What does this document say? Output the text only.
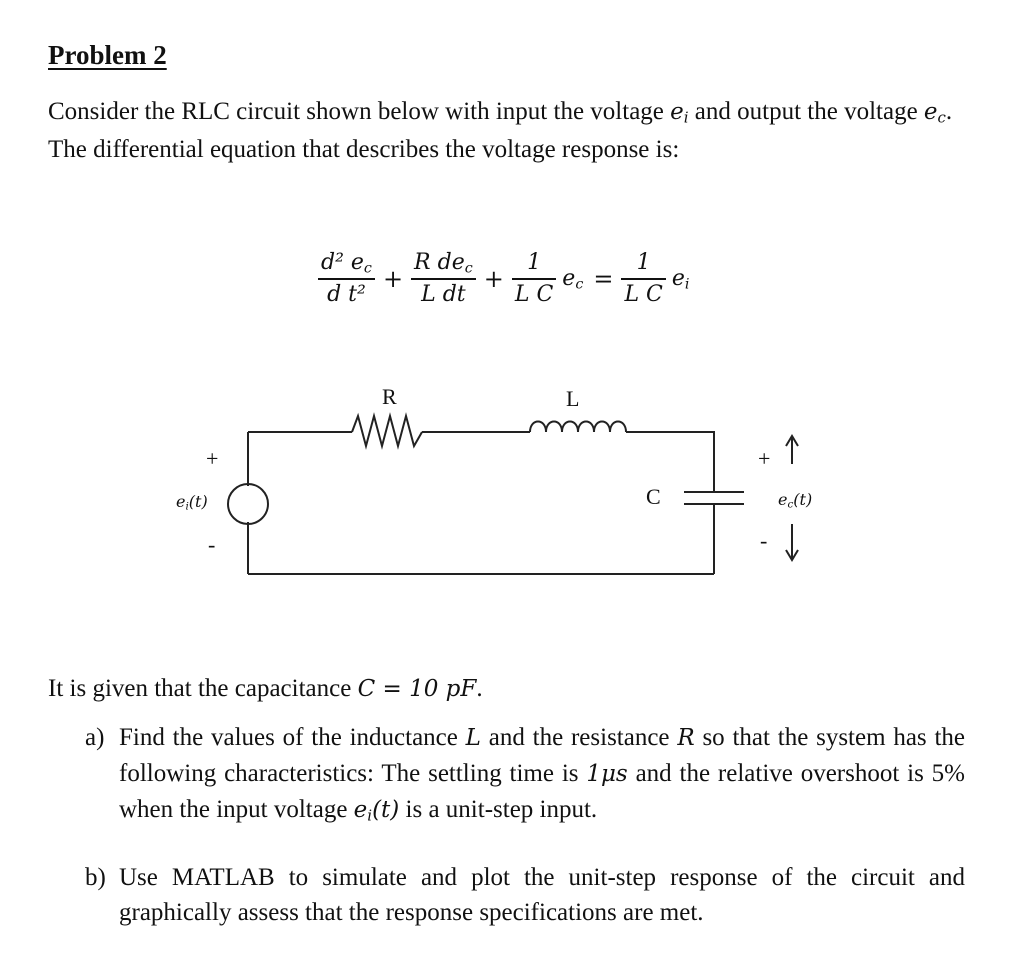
Problem 2
Consider the RLC circuit shown below with input the voltage $e_i$ and output the voltage $e_c$. The differential equation that describes the voltage response is:
$\frac{d^2 e_c}{\text{d t²}} + \frac{R de_c}{\text{L dt}} + \frac{1}{\text{L C}} e_c = \frac{1}{\text{L C}} e_i$
R	L
C
+
-
$e_i(t)$
+
-
$e_c(t)$
It is given that the capacitance C = 10 pF.
a) Find the values of the inductance L and the resistance R so that the system has the following characteristics: The settling time is 1μs and the relative overshoot is 5% when the input voltage $e_i(t)$ is a unit-step input.
b) Use MATLAB to simulate and plot the unit-step response of the circuit and graphically assess that the response specifications are met.
